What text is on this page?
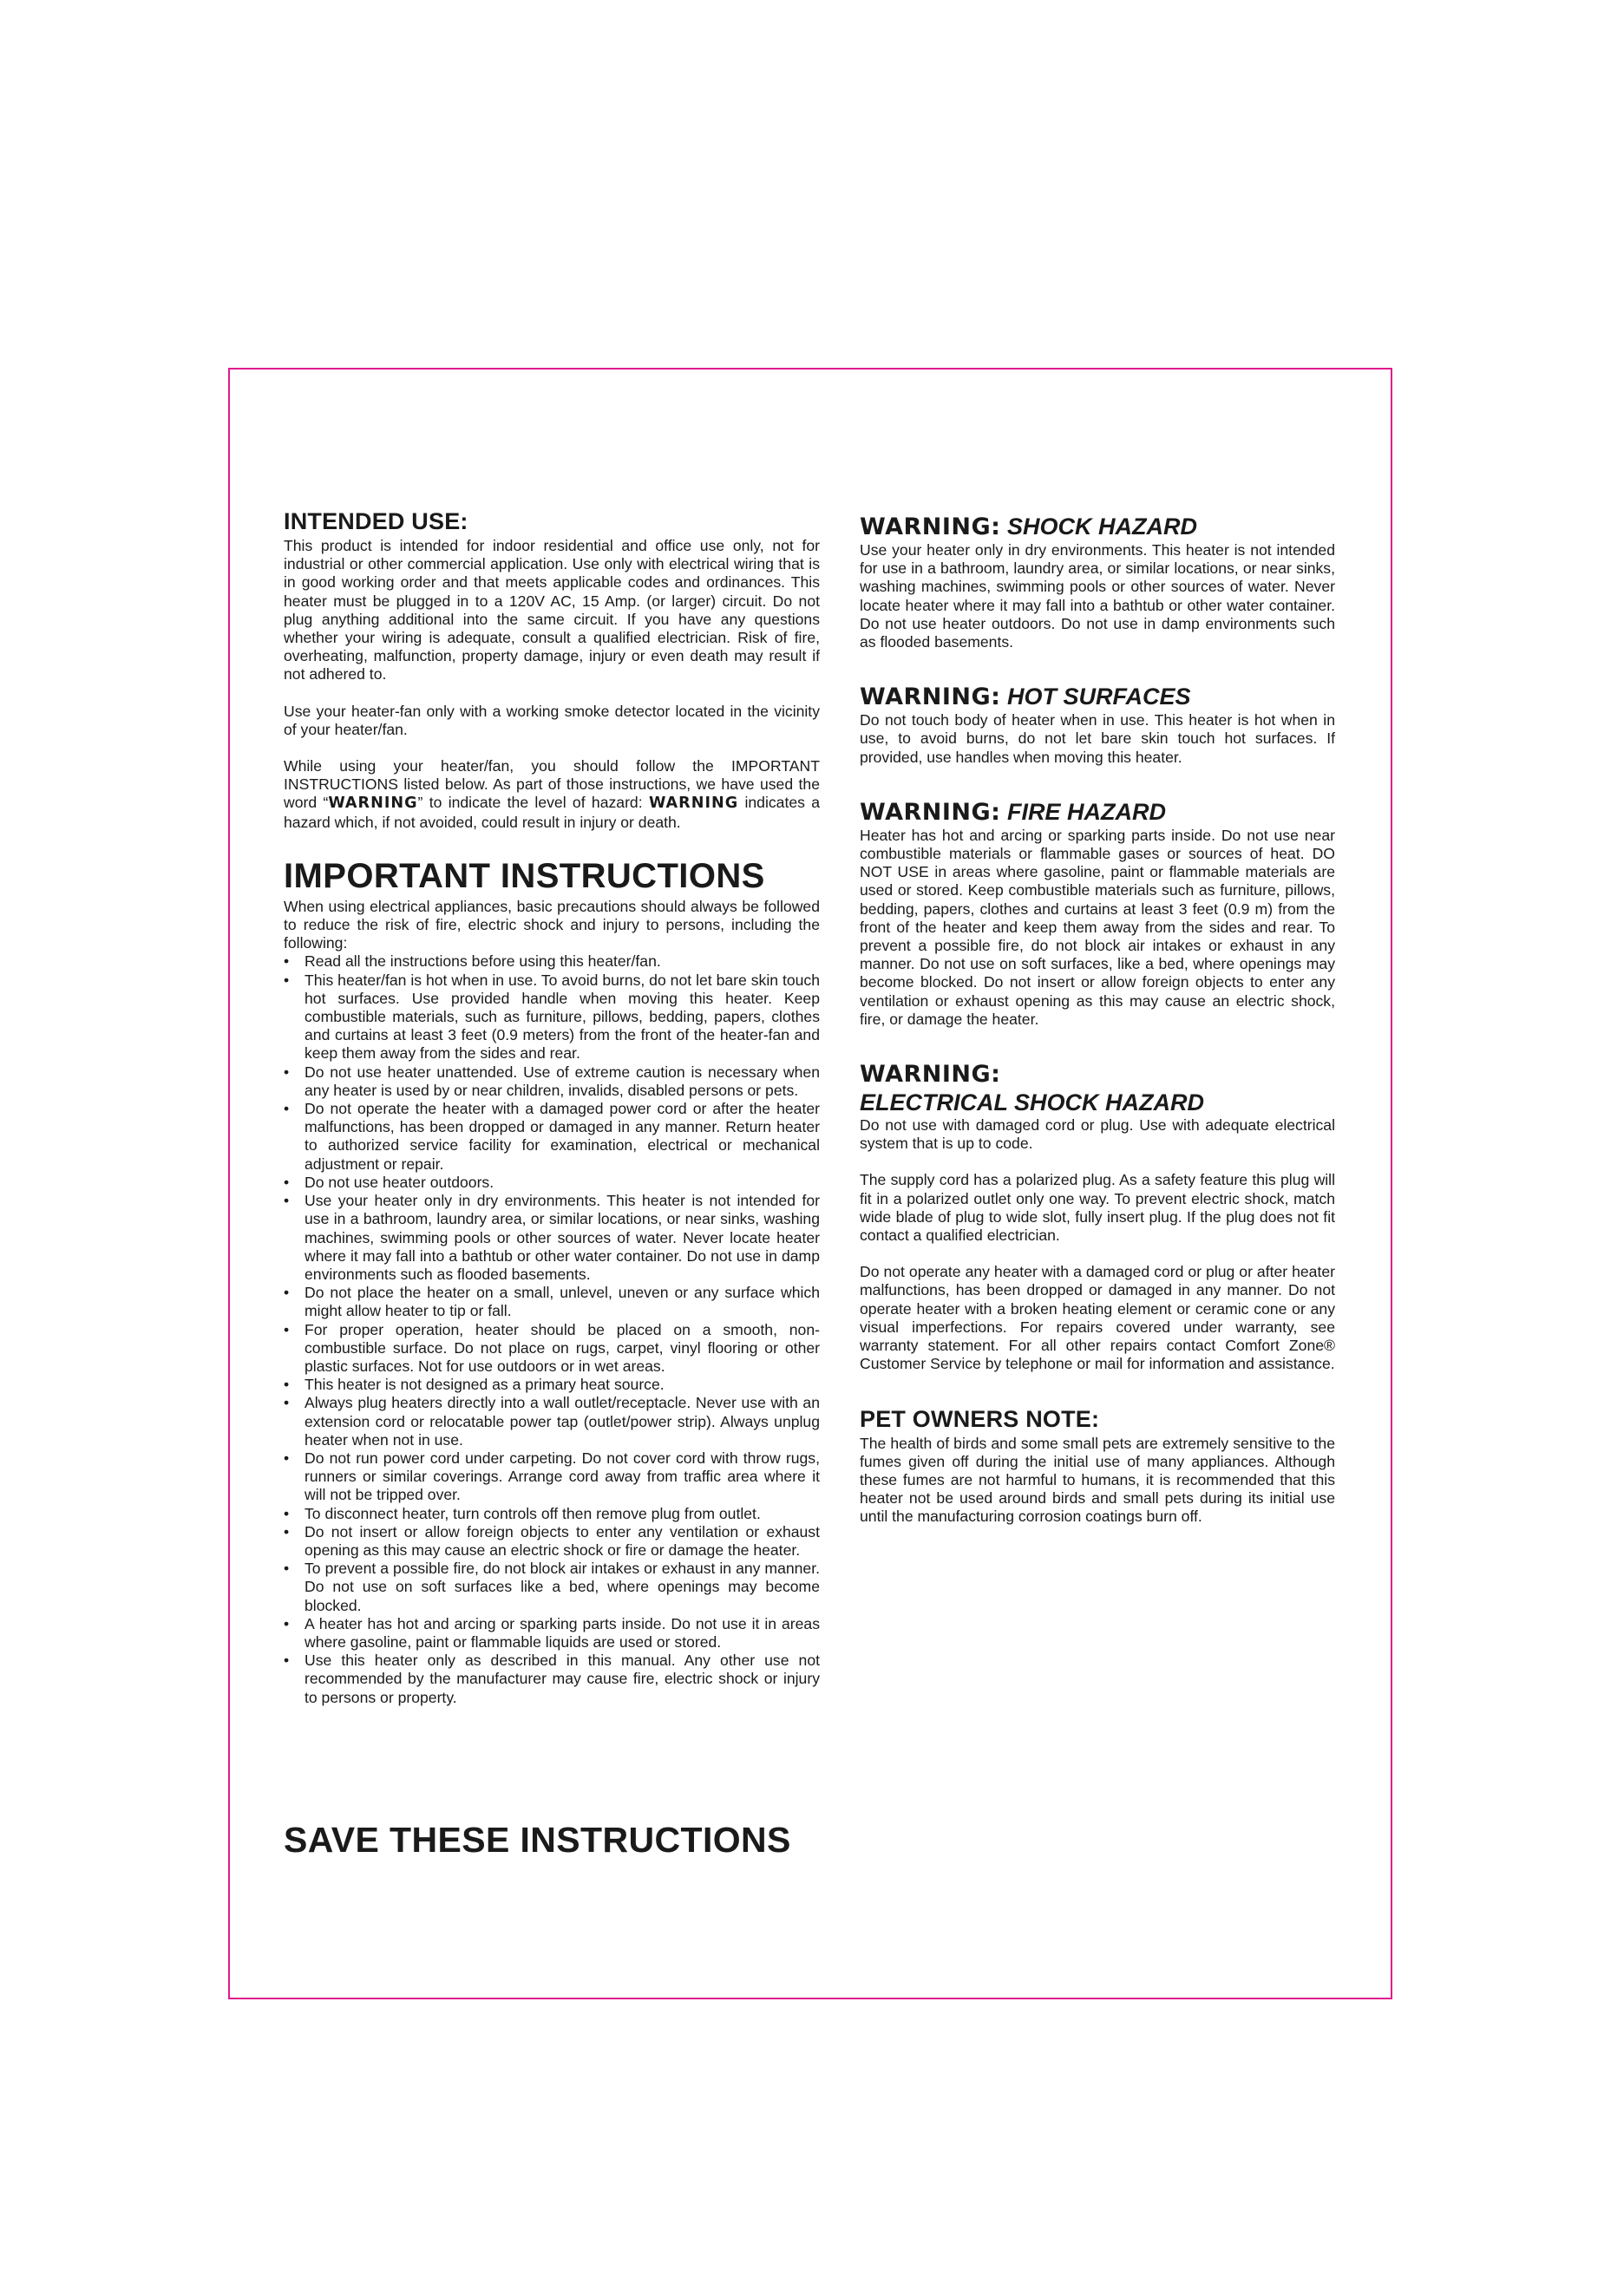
INTENDED USE:

This product is intended for indoor residential and office use only, not for industrial or other commercial application. Use only with electrical wiring that is in good working order and that meets applicable codes and ordinances. This heater must be plugged in to a 120V AC, 15 Amp. (or larger) circuit. Do not plug anything additional into the same circuit. If you have any questions whether your wiring is adequate, consult a qualified electrician. Risk of fire, overheating, malfunction, property damage, injury or even death may result if not adhered to.

Use your heater-fan only with a working smoke detector located in the vicinity of your heater/fan.

While using your heater/fan, you should follow the IMPORTANT INSTRUCTIONS listed below. As part of those instructions, we have used the word “WARNING” to indicate the level of hazard: WARNING indicates a hazard which, if not avoided, could result in injury or death.

IMPORTANT INSTRUCTIONS

When using electrical appliances, basic precautions should always be followed to reduce the risk of fire, electric shock and injury to persons, including the following:

• Read all the instructions before using this heater/fan.
• This heater/fan is hot when in use. To avoid burns, do not let bare skin touch hot surfaces. Use provided handle when moving this heater. Keep combustible materials, such as furniture, pillows, bedding, papers, clothes and curtains at least 3 feet (0.9 meters) from the front of the heater-fan and keep them away from the sides and rear.
• Do not use heater unattended. Use of extreme caution is necessary when any heater is used by or near children, invalids, disabled persons or pets.
• Do not operate the heater with a damaged power cord or after the heater malfunctions, has been dropped or damaged in any manner. Return heater to authorized service facility for examination, electrical or mechanical adjustment or repair.
• Do not use heater outdoors.
• Use your heater only in dry environments. This heater is not intended for use in a bathroom, laundry area, or similar locations, or near sinks, washing machines, swimming pools or other sources of water. Never locate heater where it may fall into a bathtub or other water container. Do not use in damp environments such as flooded basements.
• Do not place the heater on a small, unlevel, uneven or any surface which might allow heater to tip or fall.
• For proper operation, heater should be placed on a smooth, non-combustible surface. Do not place on rugs, carpet, vinyl flooring or other plastic surfaces. Not for use outdoors or in wet areas.
• This heater is not designed as a primary heat source.
• Always plug heaters directly into a wall outlet/receptacle. Never use with an extension cord or relocatable power tap (outlet/power strip). Always unplug heater when not in use.
• Do not run power cord under carpeting. Do not cover cord with throw rugs, runners or similar coverings. Arrange cord away from traffic area where it will not be tripped over.
• To disconnect heater, turn controls off then remove plug from outlet.
• Do not insert or allow foreign objects to enter any ventilation or exhaust opening as this may cause an electric shock or fire or damage the heater.
• To prevent a possible fire, do not block air intakes or exhaust in any manner. Do not use on soft surfaces like a bed, where openings may become blocked.
• A heater has hot and arcing or sparking parts inside. Do not use it in areas where gasoline, paint or flammable liquids are used or stored.
• Use this heater only as described in this manual. Any other use not recommended by the manufacturer may cause fire, electric shock or injury to persons or property.
SAVE THESE INSTRUCTIONS

WARNING: SHOCK HAZARD

Use your heater only in dry environments. This heater is not intended for use in a bathroom, laundry area, or similar locations, or near sinks, washing machines, swimming pools or other sources of water. Never locate heater where it may fall into a bathtub or other water container. Do not use heater outdoors. Do not use in damp environments such as flooded basements.

WARNING: HOT SURFACES

Do not touch body of heater when in use. This heater is hot when in use, to avoid burns, do not let bare skin touch hot surfaces. If provided, use handles when moving this heater.

WARNING: FIRE HAZARD

Heater has hot and arcing or sparking parts inside. Do not use near combustible materials or flammable gases or sources of heat. DO NOT USE in areas where gasoline, paint or flammable materials are used or stored. Keep combustible materials such as furniture, pillows, bedding, papers, clothes and curtains at least 3 feet (0.9 m) from the front of the heater and keep them away from the sides and rear. To prevent a possible fire, do not block air intakes or exhaust in any manner. Do not use on soft surfaces, like a bed, where openings may become blocked. Do not insert or allow foreign objects to enter any ventilation or exhaust opening as this may cause an electric shock, fire, or damage the heater.

WARNING:

ELECTRICAL SHOCK HAZARD

Do not use with damaged cord or plug. Use with adequate electrical system that is up to code.

The supply cord has a polarized plug. As a safety feature this plug will fit in a polarized outlet only one way. To prevent electric shock, match wide blade of plug to wide slot, fully insert plug. If the plug does not fit contact a qualified electrician.

Do not operate any heater with a damaged cord or plug or after heater malfunctions, has been dropped or damaged in any manner. Do not operate heater with a broken heating element or ceramic cone or any visual imperfections. For repairs covered under warranty, see warranty statement. For all other repairs contact Comfort Zone® Customer Service by telephone or mail for information and assistance.

PET OWNERS NOTE:

The health of birds and some small pets are extremely sensitive to the fumes given off during the initial use of many appliances. Although these fumes are not harmful to humans, it is recommended that this heater not be used around birds and small pets during its initial use until the manufacturing corrosion coatings burn off.
